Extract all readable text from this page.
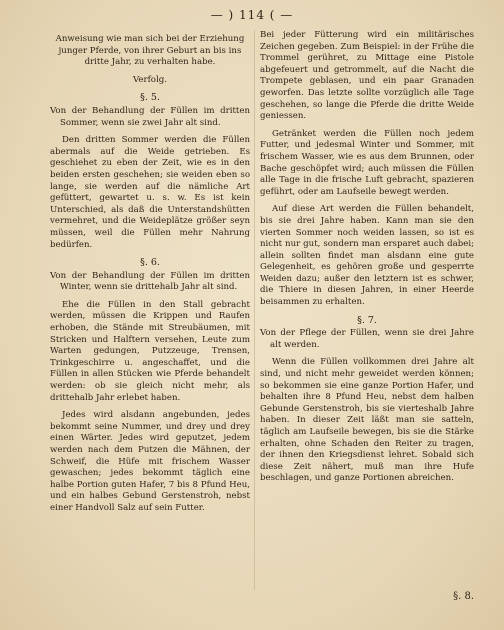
— ) 114 ( —

Anweisung wie man sich bei der Erziehung junger Pferde, von ihrer Geburt an bis ins dritte Jahr, zu verhalten habe.

Verfolg.

§. 5.

Von der Behandlung der Füllen im dritten Sommer, wenn sie zwei Jahr alt sind.

Den dritten Sommer werden die Füllen abermals auf die Weide getrieben. Es geschiehet zu eben der Zeit, wie es in den beiden ersten geschehen; sie weiden eben so lange, sie werden auf die nämliche Art gefüttert, gewartet u. s. w. Es ist kein Unterschied, als daß die Unterstandshütten vermehret, und die Weideplätze größer seyn müssen, weil die Füllen mehr Nahrung bedürfen.

§. 6.

Von der Behandlung der Füllen im dritten Winter, wenn sie drittehalb Jahr alt sind.

Ehe die Füllen in den Stall gebracht werden, müssen die Krippen und Raufen erhoben, die Stände mit Streubäumen, mit Stricken und Halftern versehen, Leute zum Warten gedungen, Putzzeuge, Trensen, Trinkgeschirre u. angeschaffet, und die Füllen in allen Stücken wie Pferde behandelt werden: ob sie gleich nicht mehr, als drittehalb Jahr erlebet haben.

Jedes wird alsdann angebunden, jedes bekommt seine Nummer, und drey und drey einen Wärter. Jedes wird geputzet, jedem werden nach dem Putzen die Mähnen, der Schweif, die Hüfe mit frischem Wasser gewaschen; jedes bekommt täglich eine halbe Portion guten Hafer, 7 bis 8 Pfund Heu, und ein halbes Gebund Gerstenstroh, nebst einer Handvoll Salz auf sein Futter.

Bei jeder Fütterung wird ein militärisches Zeichen gegeben. Zum Beispiel: in der Frühe die Trommel gerühret, zu Mittage eine Pistole abgefeuert und getrommelt, auf die Nacht die Trompete geblasen, und ein paar Granaden geworfen. Das letzte sollte vorzüglich alle Tage geschehen, so lange die Pferde die dritte Weide geniessen.

Getränket werden die Füllen noch jedem Futter, und jedesmal Winter und Sommer, mit frischem Wasser, wie es aus dem Brunnen, oder Bache geschöpfet wird; auch müssen die Füllen alle Tage in die frische Luft gebracht, spazieren geführt, oder am Laufseile bewegt werden.

Auf diese Art werden die Füllen behandelt, bis sie drei Jahre haben. Kann man sie den vierten Sommer noch weiden lassen, so ist es nicht nur gut, sondern man ersparet auch dabei; allein sollten findet man alsdann eine gute Gelegenheit, es gehören große und gesperrte Weiden dazu; außer den letztern ist es schwer, die Thiere in diesen Jahren, in einer Heerde beisammen zu erhalten.

§. 7.

Von der Pflege der Füllen, wenn sie drei Jahre alt werden.

Wenn die Füllen vollkommen drei Jahre alt sind, und nicht mehr geweidet werden können; so bekommen sie eine ganze Portion Hafer, und behalten ihre 8 Pfund Heu, nebst dem halben Gebunde Gerstenstroh, bis sie vierteshalb Jahre haben. In dieser Zeit läßt man sie satteln, täglich am Laufseile bewegen, bis sie die Stärke erhalten, ohne Schaden den Reiter zu tragen, der ihnen den Kriegsdienst lehret. Sobald sich diese Zeit nähert, muß man ihre Hufe beschlagen, und ganze Portionen abreichen.

§. 8.
